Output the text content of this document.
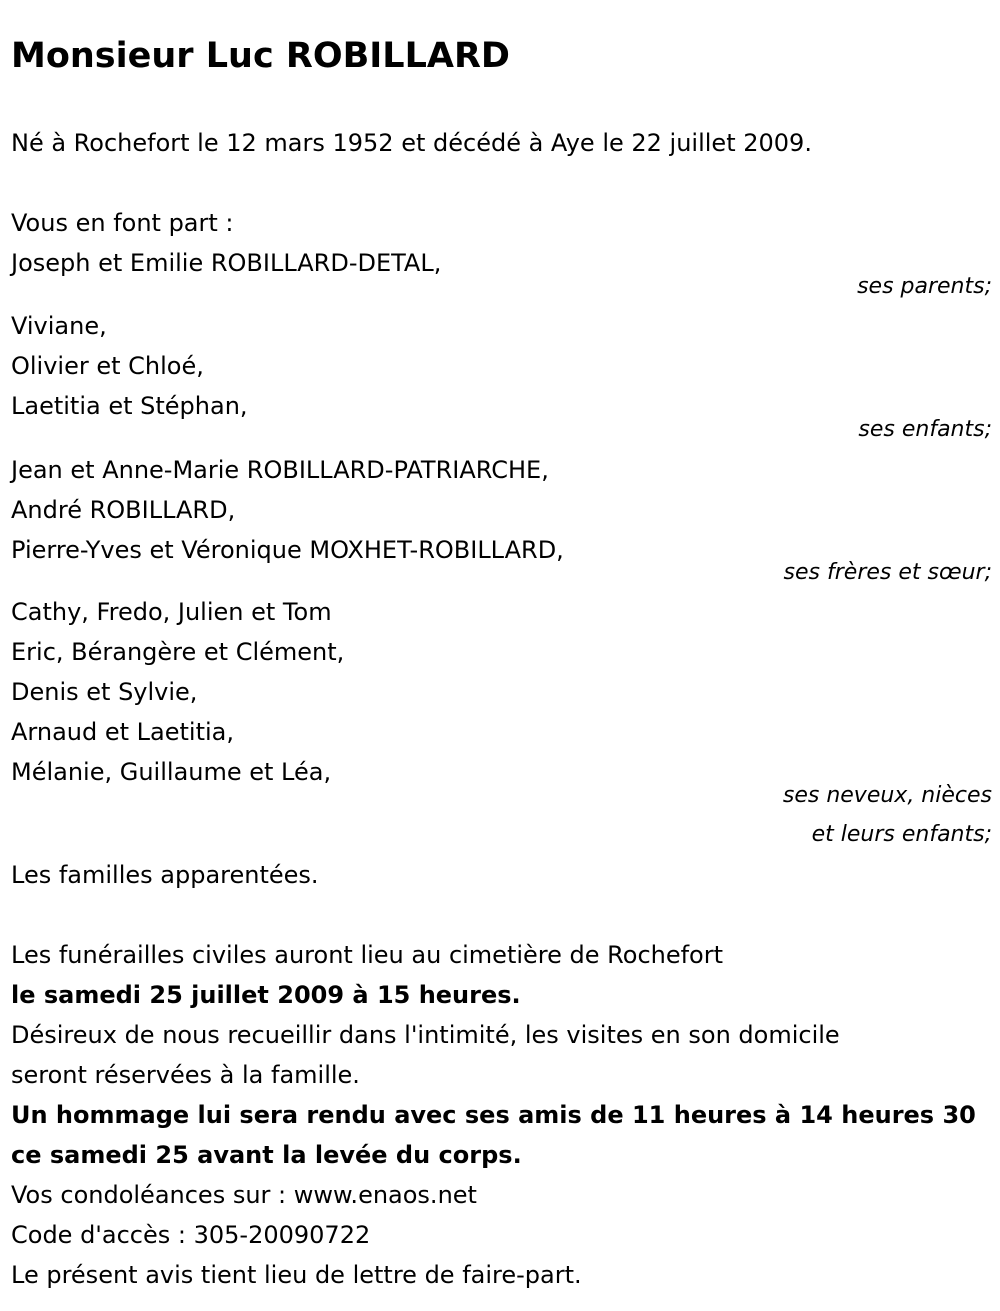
Monsieur Luc ROBILLARD
Né à Rochefort le 12 mars 1952 et décédé à Aye le 22 juillet 2009.
Vous en font part :
Joseph et Emilie ROBILLARD-DETAL,
ses parents;
Viviane,
Olivier et Chloé,
Laetitia et Stéphan,
ses enfants;
Jean et Anne-Marie ROBILLARD-PATRIARCHE,
André ROBILLARD,
Pierre-Yves et Véronique MOXHET-ROBILLARD,
ses frères et sœur;
Cathy, Fredo, Julien et Tom
Eric, Bérangère et Clément,
Denis et Sylvie,
Arnaud et Laetitia,
Mélanie, Guillaume et Léa,
ses neveux, nièces
et leurs enfants;
Les familles apparentées.
Les funérailles civiles auront lieu au cimetière de Rochefort
le samedi 25 juillet 2009 à 15 heures.
Désireux de nous recueillir dans l'intimité, les visites en son domicile
seront réservées à la famille.
Un hommage lui sera rendu avec ses amis de 11 heures à 14 heures 30
ce samedi 25 avant la levée du corps.
Vos condoléances sur : www.enaos.net
Code d'accès : 305-20090722
Le présent avis tient lieu de lettre de faire-part.
